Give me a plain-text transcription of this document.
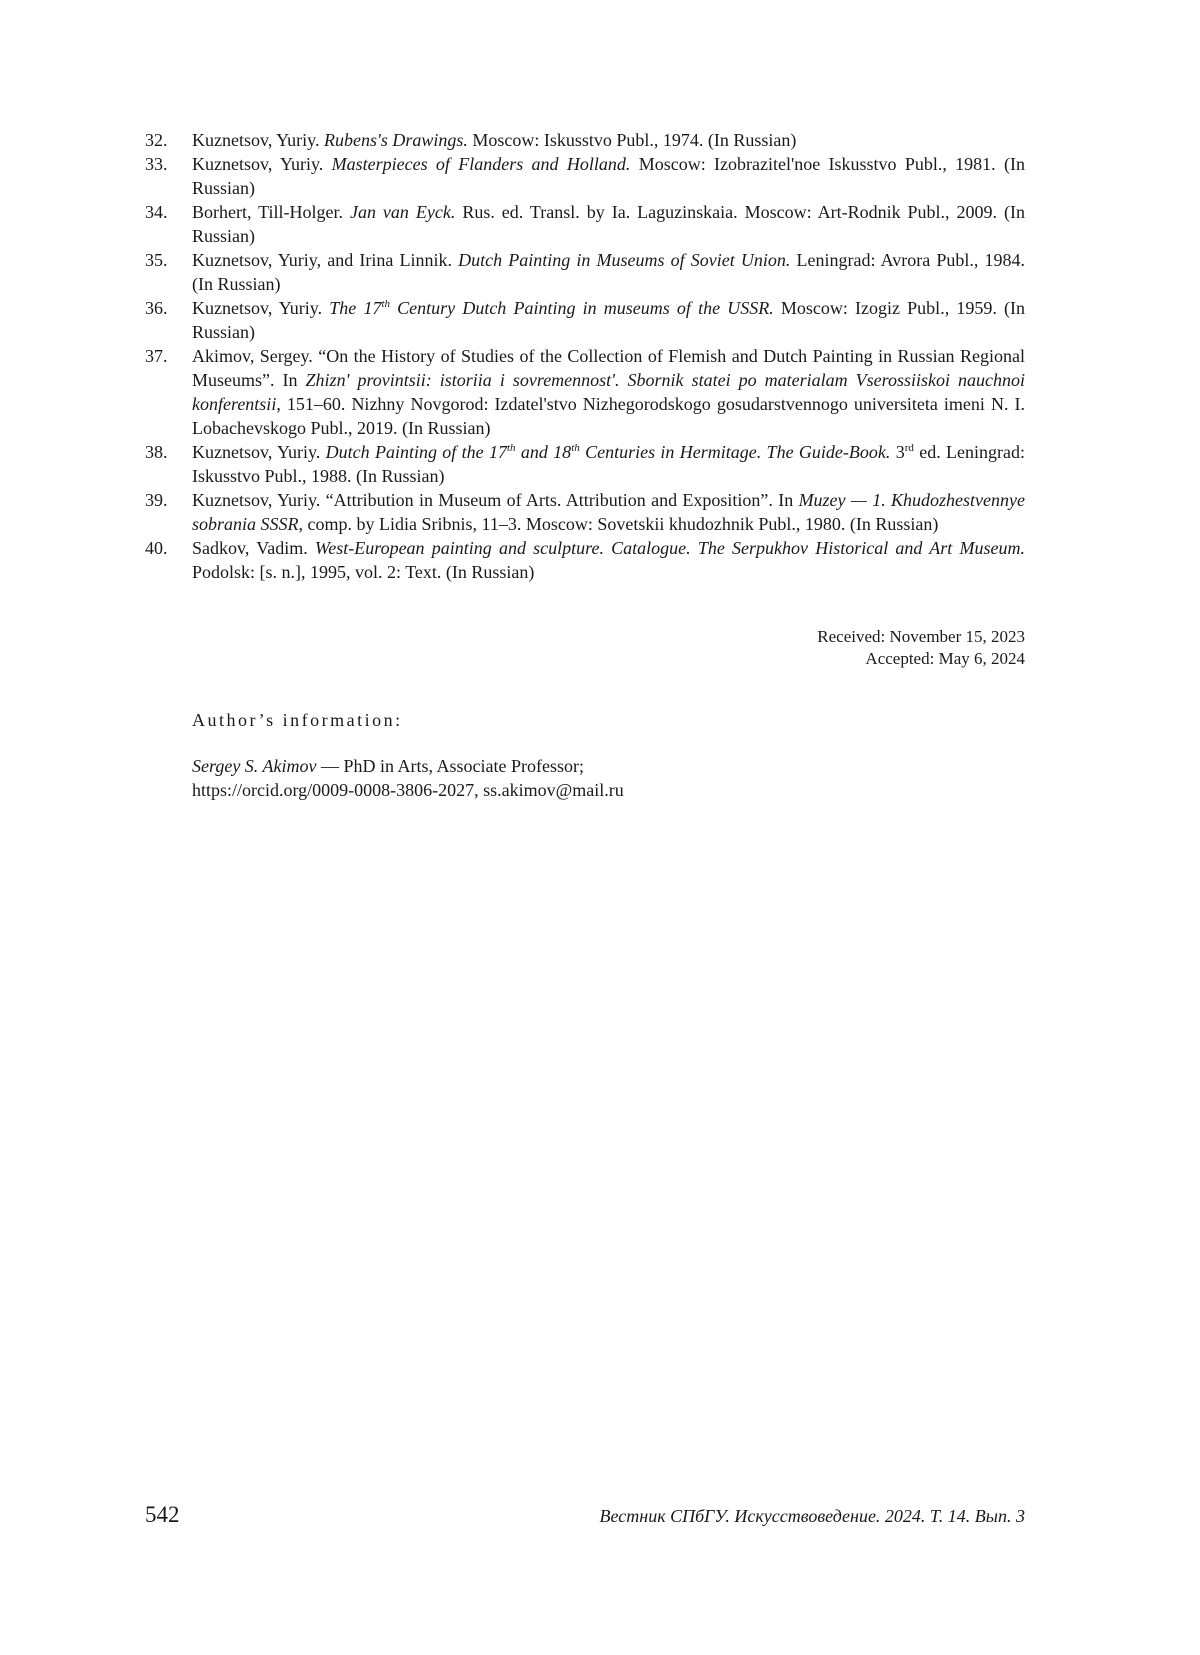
32.	Kuznetsov, Yuriy. Rubens's Drawings. Moscow: Iskusstvo Publ., 1974. (In Russian)
33.	Kuznetsov, Yuriy. Masterpieces of Flanders and Holland. Moscow: Izobrazitel'noe Iskusstvo Publ., 1981. (In Russian)
34.	Borhert, Till-Holger. Jan van Eyck. Rus. ed. Transl. by Ia. Laguzinskaia. Moscow: Art-Rodnik Publ., 2009. (In Russian)
35.	Kuznetsov, Yuriy, and Irina Linnik. Dutch Painting in Museums of Soviet Union. Leningrad: Avrora Publ., 1984. (In Russian)
36.	Kuznetsov, Yuriy. The 17th Century Dutch Painting in museums of the USSR. Moscow: Izogiz Publ., 1959. (In Russian)
37.	Akimov, Sergey. “On the History of Studies of the Collection of Flemish and Dutch Painting in Russian Regional Museums”. In Zhizn' provintsii: istoriia i sovremennost'. Sbornik statei po materialam Vserossiiskoi nauchnoi konferentsii, 151–60. Nizhny Novgorod: Izdatel'stvo Nizhegorodskogo gosudarstvennogo universiteta imeni N. I. Lobachevskogo Publ., 2019. (In Russian)
38.	Kuznetsov, Yuriy. Dutch Painting of the 17th and 18th Centuries in Hermitage. The Guide-Book. 3rd ed. Leningrad: Iskusstvo Publ., 1988. (In Russian)
39.	Kuznetsov, Yuriy. “Attribution in Museum of Arts. Attribution and Exposition”. In Muzey — 1. Khudozhestvennye sobrania SSSR, comp. by Lidia Sribnis, 11–3. Moscow: Sovetskii khudozhnik Publ., 1980. (In Russian)
40.	Sadkov, Vadim. West-European painting and sculpture. Catalogue. The Serpukhov Historical and Art Museum. Podolsk: [s. n.], 1995, vol. 2: Text. (In Russian)
Received: November 15, 2023
Accepted: May 6, 2024
Author’s information:
Sergey S. Akimov — PhD in Arts, Associate Professor;
https://orcid.org/0009-0008-3806-2027, ss.akimov@mail.ru
542	Вестник СПбГУ. Искусствоведение. 2024. Т. 14. Вып. 3
